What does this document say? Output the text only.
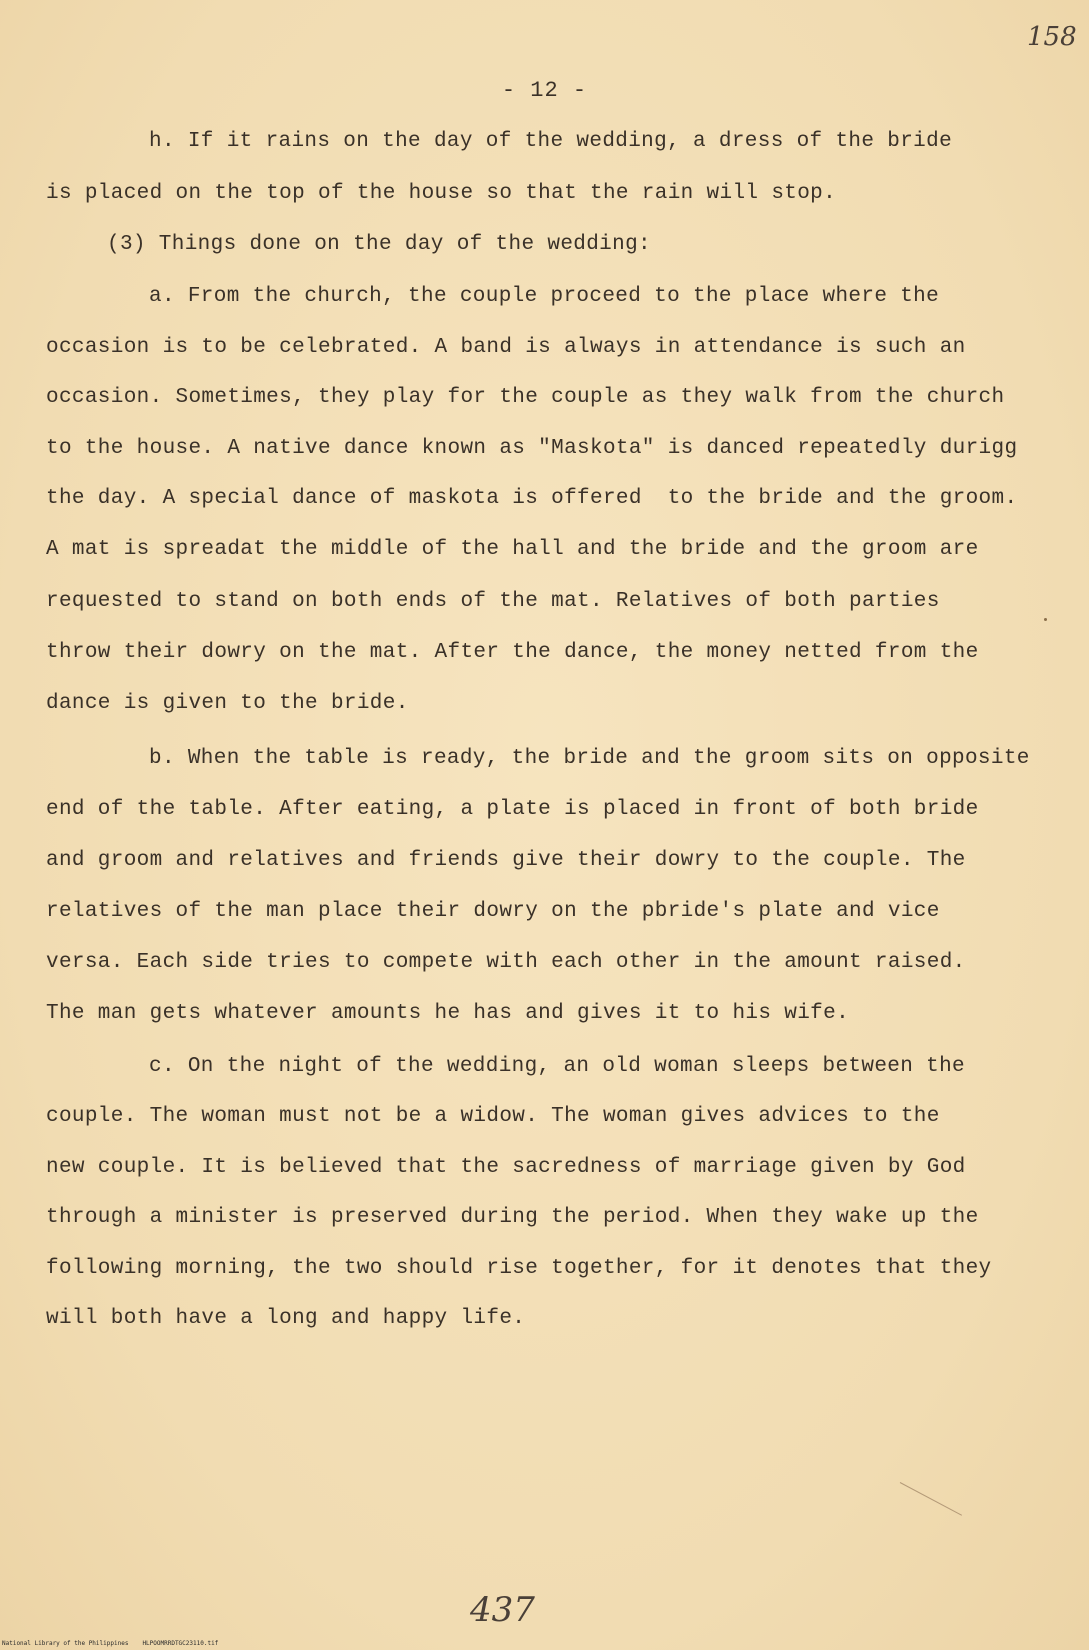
158
- 12 -
h. If it rains on the day of the wedding, a dress of the bride
is placed on the top of the house so that the rain will stop.
(3) Things done on the day of the wedding:
a. From the church, the couple proceed to the place where the
occasion is to be celebrated. A band is always in attendance is such an
occasion. Sometimes, they play for the couple as they walk from the church
to the house. A native dance known as "Maskota" is danced repeatedly durigg
the day. A special dance of maskota is offered  to the bride and the groom.
A mat is spreadat the middle of the hall and the bride and the groom are
requested to stand on both ends of the mat. Relatives of both parties
throw their dowry on the mat. After the dance, the money netted from the
dance is given to the bride.
b. When the table is ready, the bride and the groom sits on opposite
end of the table. After eating, a plate is placed in front of both bride
and groom and relatives and friends give their dowry to the couple. The
relatives of the man place their dowry on the pbride's plate and vice
versa. Each side tries to compete with each other in the amount raised.
The man gets whatever amounts he has and gives it to his wife.
c. On the night of the wedding, an old woman sleeps between the
couple. The woman must not be a widow. The woman gives advices to the
new couple. It is believed that the sacredness of marriage given by God
through a minister is preserved during the period. When they wake up the
following morning, the two should rise together, for it denotes that they
will both have a long and happy life.
437
National Library of the Philippines HLPOOMRRDTGC23110.tif
